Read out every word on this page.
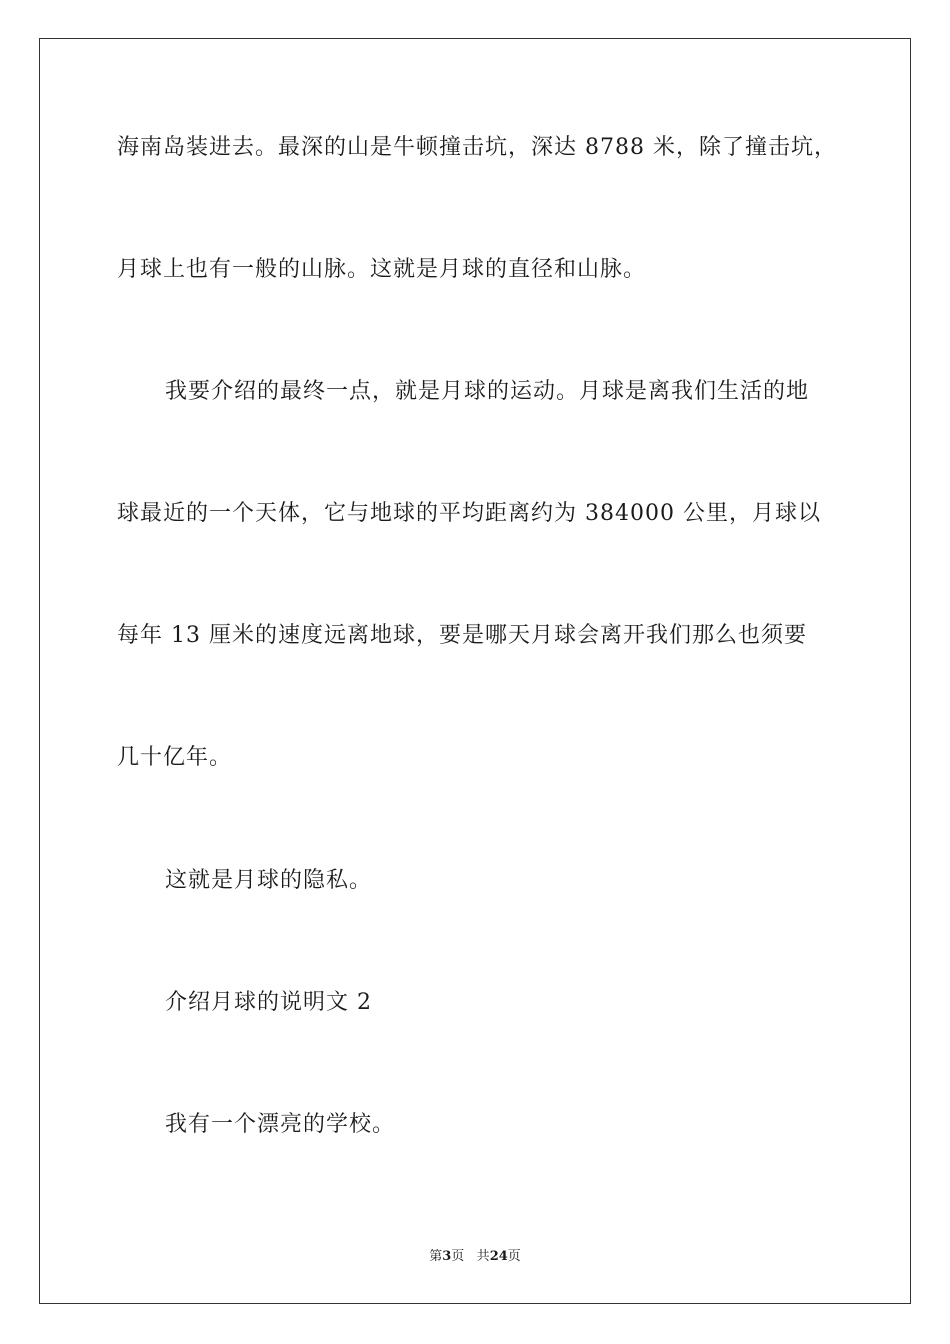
海南岛装进去。最深的山是牛顿撞击坑，深达 8788 米，除了撞击坑，
月球上也有一般的山脉。这就是月球的直径和山脉。
我要介绍的最终一点，就是月球的运动。月球是离我们生活的地
球最近的一个天体，它与地球的平均距离约为 384000 公里，月球以
每年 13 厘米的速度远离地球，要是哪天月球会离开我们那么也须要
几十亿年。
这就是月球的隐私。
介绍月球的说明文 2
我有一个漂亮的学校。
第3页 共24页
